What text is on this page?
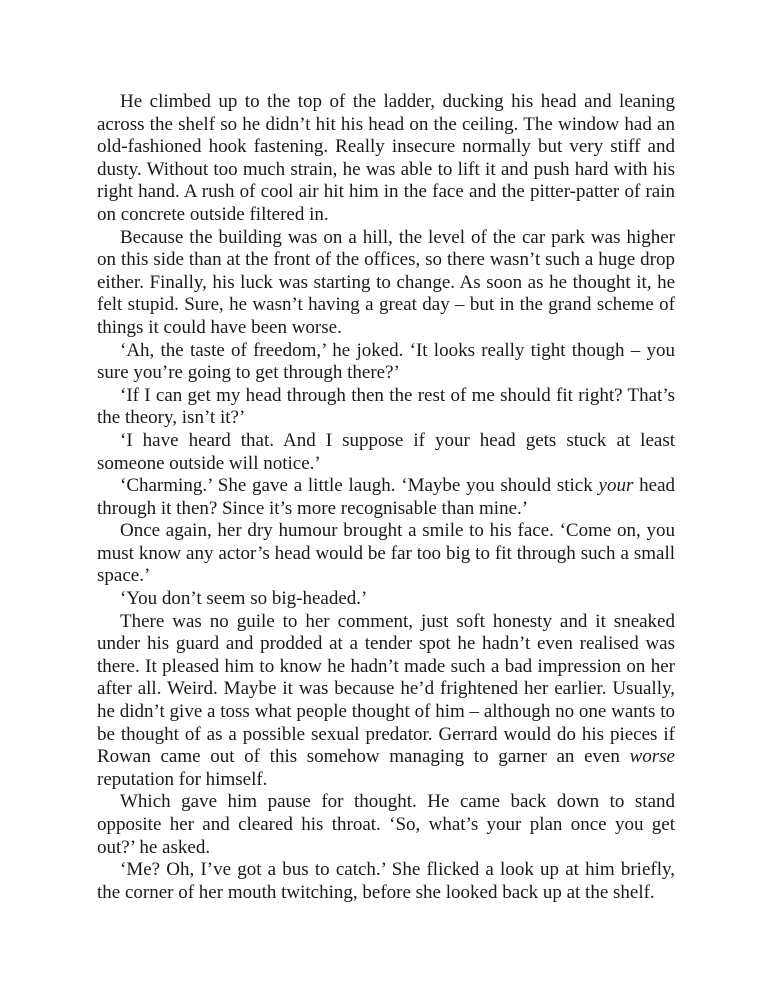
He climbed up to the top of the ladder, ducking his head and leaning across the shelf so he didn’t hit his head on the ceiling. The window had an old-fashioned hook fastening. Really insecure normally but very stiff and dusty. Without too much strain, he was able to lift it and push hard with his right hand. A rush of cool air hit him in the face and the pitter-patter of rain on concrete outside filtered in.

Because the building was on a hill, the level of the car park was higher on this side than at the front of the offices, so there wasn’t such a huge drop either. Finally, his luck was starting to change. As soon as he thought it, he felt stupid. Sure, he wasn’t having a great day – but in the grand scheme of things it could have been worse.

‘Ah, the taste of freedom,’ he joked. ‘It looks really tight though – you sure you’re going to get through there?’

‘If I can get my head through then the rest of me should fit right? That’s the theory, isn’t it?’

‘I have heard that. And I suppose if your head gets stuck at least someone outside will notice.’

‘Charming.’ She gave a little laugh. ‘Maybe you should stick your head through it then? Since it’s more recognisable than mine.’

Once again, her dry humour brought a smile to his face. ‘Come on, you must know any actor’s head would be far too big to fit through such a small space.’

‘You don’t seem so big-headed.’

There was no guile to her comment, just soft honesty and it sneaked under his guard and prodded at a tender spot he hadn’t even realised was there. It pleased him to know he hadn’t made such a bad impression on her after all. Weird. Maybe it was because he’d frightened her earlier. Usually, he didn’t give a toss what people thought of him – although no one wants to be thought of as a possible sexual predator. Gerrard would do his pieces if Rowan came out of this somehow managing to garner an even worse reputation for himself.

Which gave him pause for thought. He came back down to stand opposite her and cleared his throat. ‘So, what’s your plan once you get out?’ he asked.

‘Me? Oh, I’ve got a bus to catch.’ She flicked a look up at him briefly, the corner of her mouth twitching, before she looked back up at the shelf.
